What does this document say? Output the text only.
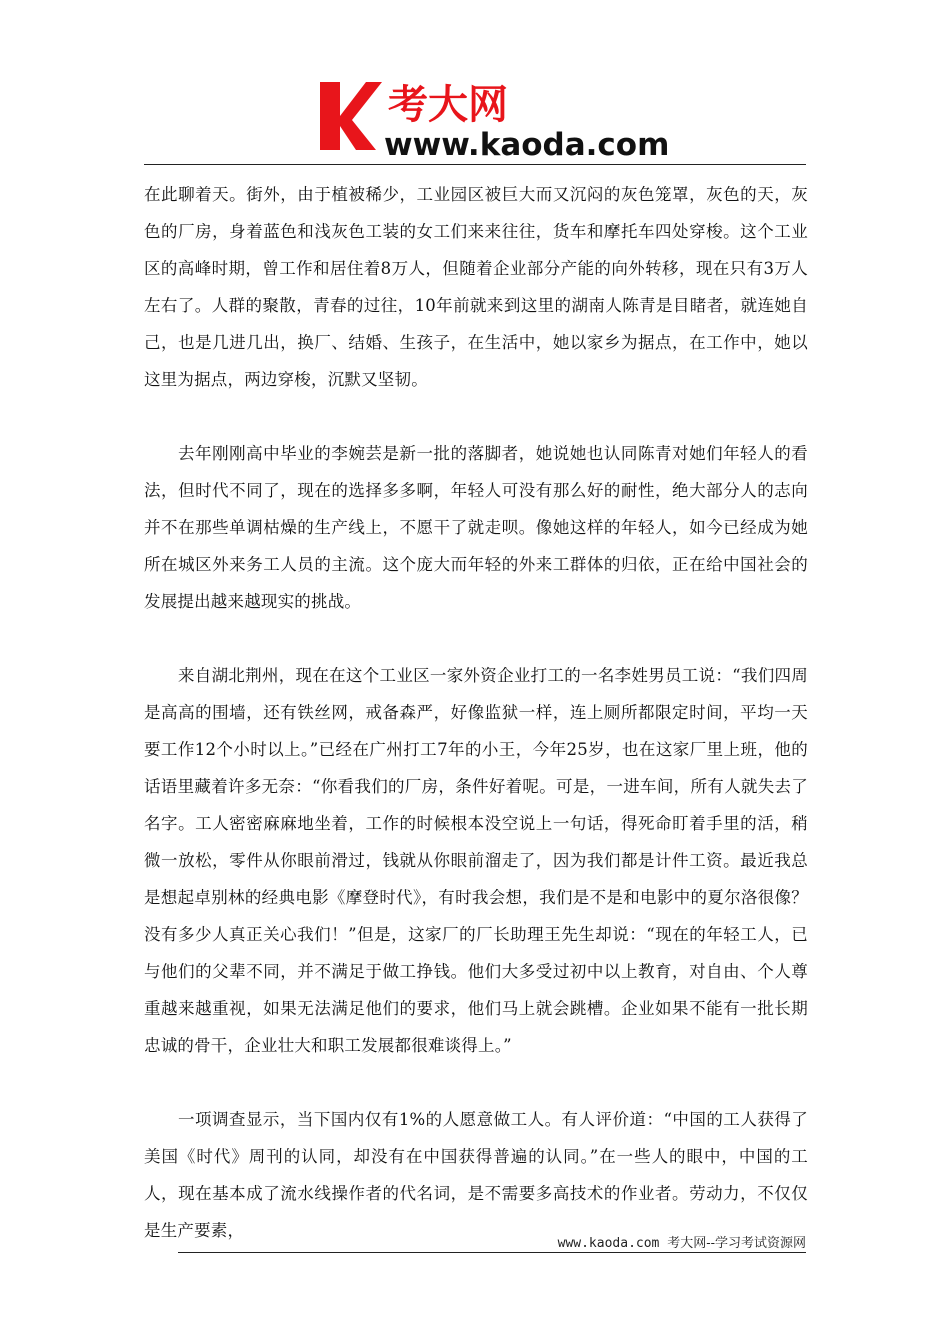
考大网
www.kaoda.com

在此聊着天。街外，由于植被稀少，工业园区被巨大而又沉闷的灰色笼罩，灰色的天，灰色的厂房，身着蓝色和浅灰色工装的女工们来来往往，货车和摩托车四处穿梭。这个工业区的高峰时期，曾工作和居住着8万人，但随着企业部分产能的向外转移，现在只有3万人左右了。人群的聚散，青春的过往，10年前就来到这里的湖南人陈青是目睹者，就连她自己，也是几进几出，换厂、结婚、生孩子，在生活中，她以家乡为据点，在工作中，她以这里为据点，两边穿梭，沉默又坚韧。

去年刚刚高中毕业的李婉芸是新一批的落脚者，她说她也认同陈青对她们年轻人的看法，但时代不同了，现在的选择多多啊，年轻人可没有那么好的耐性，绝大部分人的志向并不在那些单调枯燥的生产线上，不愿干了就走呗。像她这样的年轻人，如今已经成为她所在城区外来务工人员的主流。这个庞大而年轻的外来工群体的归依，正在给中国社会的发展提出越来越现实的挑战。

来自湖北荆州，现在在这个工业区一家外资企业打工的一名李姓男员工说：“我们四周是高高的围墙，还有铁丝网，戒备森严，好像监狱一样，连上厕所都限定时间，平均一天要工作12个小时以上。”已经在广州打工7年的小王，今年25岁，也在这家厂里上班，他的话语里藏着许多无奈：“你看我们的厂房，条件好着呢。可是，一进车间，所有人就失去了名字。工人密密麻麻地坐着，工作的时候根本没空说上一句话，得死命盯着手里的活，稍微一放松，零件从你眼前滑过，钱就从你眼前溜走了，因为我们都是计件工资。最近我总是想起卓别林的经典电影《摩登时代》，有时我会想，我们是不是和电影中的夏尔洛很像？没有多少人真正关心我们！”但是，这家厂的厂长助理王先生却说：“现在的年轻工人，已与他们的父辈不同，并不满足于做工挣钱。他们大多受过初中以上教育，对自由、个人尊重越来越重视，如果无法满足他们的要求，他们马上就会跳槽。企业如果不能有一批长期忠诚的骨干，企业壮大和职工发展都很难谈得上。”

一项调查显示，当下国内仅有1%的人愿意做工人。有人评价道：“中国的工人获得了美国《时代》周刊的认同，却没有在中国获得普遍的认同。”在一些人的眼中，中国的工人，现在基本成了流水线操作者的代名词，是不需要多高技术的作业者。劳动力，不仅仅是生产要素，

www.kaoda.com 考大网--学习考试资源网
